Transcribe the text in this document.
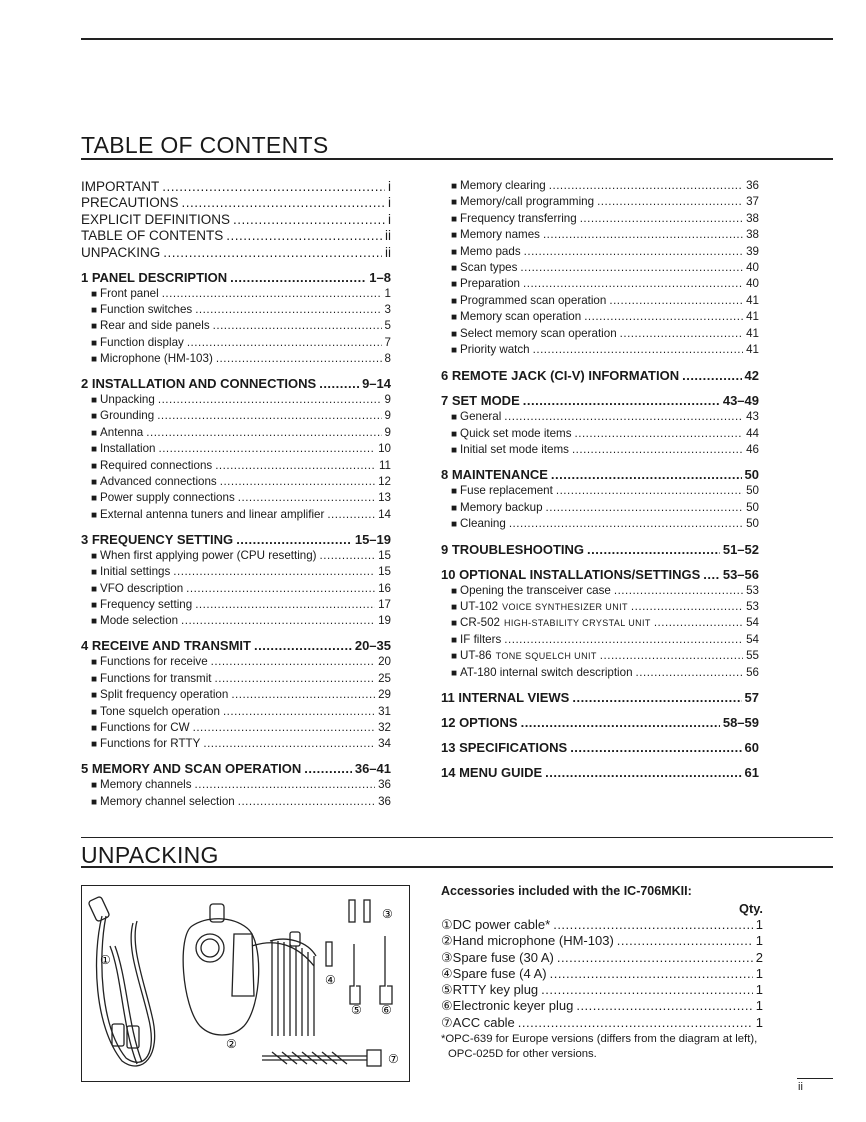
TABLE OF CONTENTS
UNPACKING
IMPORTANT .....	i
PRECAUTIONS .....	i
EXPLICIT DEFINITIONS .....	i
TABLE OF CONTENTS .....	ii
UNPACKING .....	ii
1 PANEL DESCRIPTION .....	1–8
■ Front panel .....	1
■ Function switches .....	3
■ Rear and side panels .....	5
■ Function display .....	7
■ Microphone (HM-103) .....	8
2 INSTALLATION AND CONNECTIONS .....	9–14
■ Unpacking .....	9
■ Grounding .....	9
■ Antenna .....	9
■ Installation .....	10
■ Required connections .....	11
■ Advanced connections .....	12
■ Power supply connections .....	13
■ External antenna tuners and linear amplifier .....	14
3 FREQUENCY SETTING .....	15–19
■ When first applying power (CPU resetting) .....	15
■ Initial settings .....	15
■ VFO description .....	16
■ Frequency setting .....	17
■ Mode selection .....	19
4 RECEIVE AND TRANSMIT .....	20–35
■ Functions for receive .....	20
■ Functions for transmit .....	25
■ Split frequency operation .....	29
■ Tone squelch operation .....	31
■ Functions for CW .....	32
■ Functions for RTTY .....	34
5 MEMORY AND SCAN OPERATION .....	36–41
■ Memory channels .....	36
■ Memory channel selection .....	36
■ Memory clearing .....	36
■ Memory/call programming .....	37
■ Frequency transferring .....	38
■ Memory names .....	38
■ Memo pads .....	39
■ Scan types .....	40
■ Preparation .....	40
■ Programmed scan operation .....	41
■ Memory scan operation .....	41
■ Select memory scan operation .....	41
■ Priority watch .....	41
6 REMOTE JACK (CI-V) INFORMATION .....	42
7 SET MODE .....	43–49
■ General .....	43
■ Quick set mode items .....	44
■ Initial set mode items .....	46
8 MAINTENANCE .....	50
■ Fuse replacement .....	50
■ Memory backup .....	50
■ Cleaning .....	50
9 TROUBLESHOOTING .....	51–52
10 OPTIONAL INSTALLATIONS/SETTINGS ..... 53–56
■ Opening the transceiver case .....	53
■ UT-102 VOICE SYNTHESIZER UNIT .....	53
■ CR-502 HIGH-STABILITY CRYSTAL UNIT .....	54
■ IF filters .....	54
■ UT-86 TONE SQUELCH UNIT .....	55
■ AT-180 internal switch description .....	56
11 INTERNAL VIEWS .....	57
12 OPTIONS .....	58–59
13 SPECIFICATIONS .....	60
14 MENU GUIDE .....	61
①
②
③
④
⑤ ⑥
⑦
Accessories included with the IC-706MKII:
Qty.
①DC power cable* .....	1
②Hand microphone (HM-103) .....	1
③Spare fuse (30 A) .....	2
④Spare fuse (4 A) .....	1
⑤RTTY key plug .....	1
⑥Electronic keyer plug .....	1
⑦ACC cable .....	1
*OPC-639 for Europe versions (differs from the diagram at left), OPC-025D for other versions.
ii
